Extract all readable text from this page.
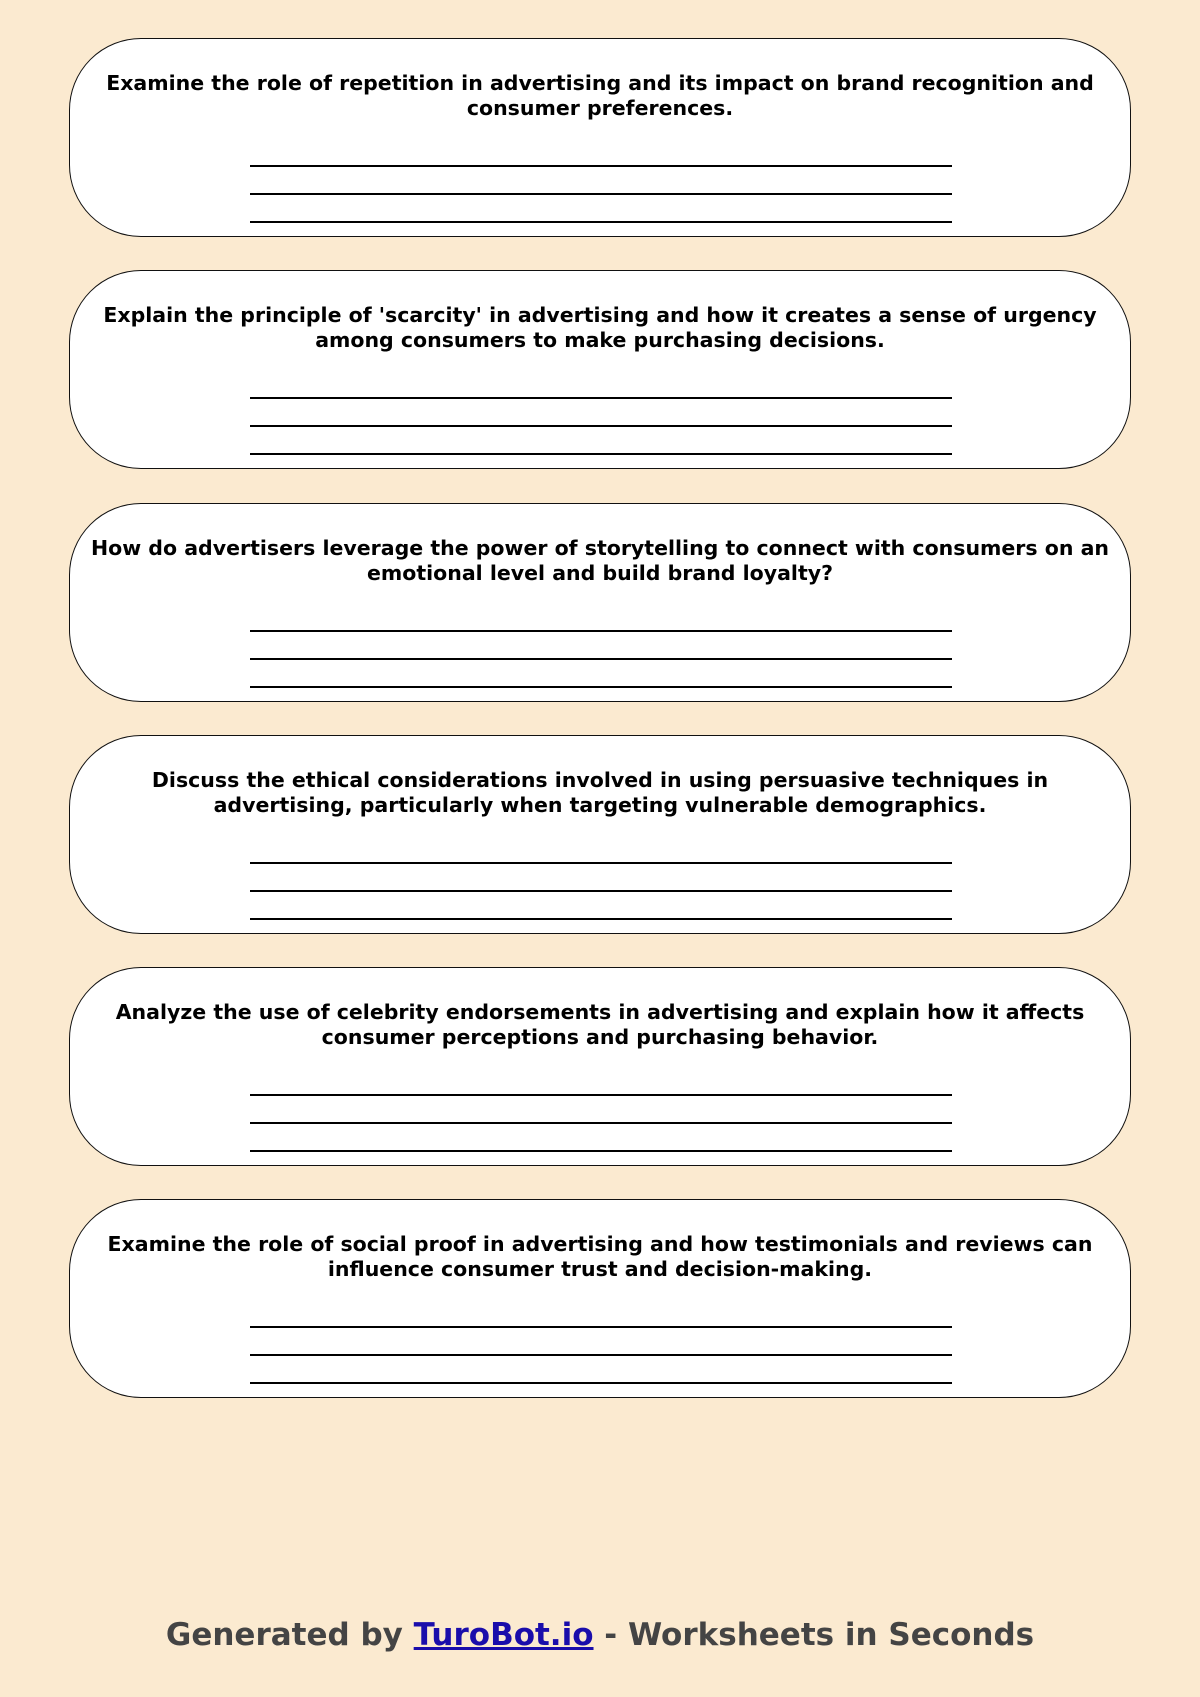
Examine the role of repetition in advertising and its impact on brand recognition and consumer preferences.

Explain the principle of 'scarcity' in advertising and how it creates a sense of urgency among consumers to make purchasing decisions.

How do advertisers leverage the power of storytelling to connect with consumers on an emotional level and build brand loyalty?

Discuss the ethical considerations involved in using persuasive techniques in advertising, particularly when targeting vulnerable demographics.

Analyze the use of celebrity endorsements in advertising and explain how it affects consumer perceptions and purchasing behavior.

Examine the role of social proof in advertising and how testimonials and reviews can influence consumer trust and decision-making.

Generated by TuroBot.io - Worksheets in Seconds
